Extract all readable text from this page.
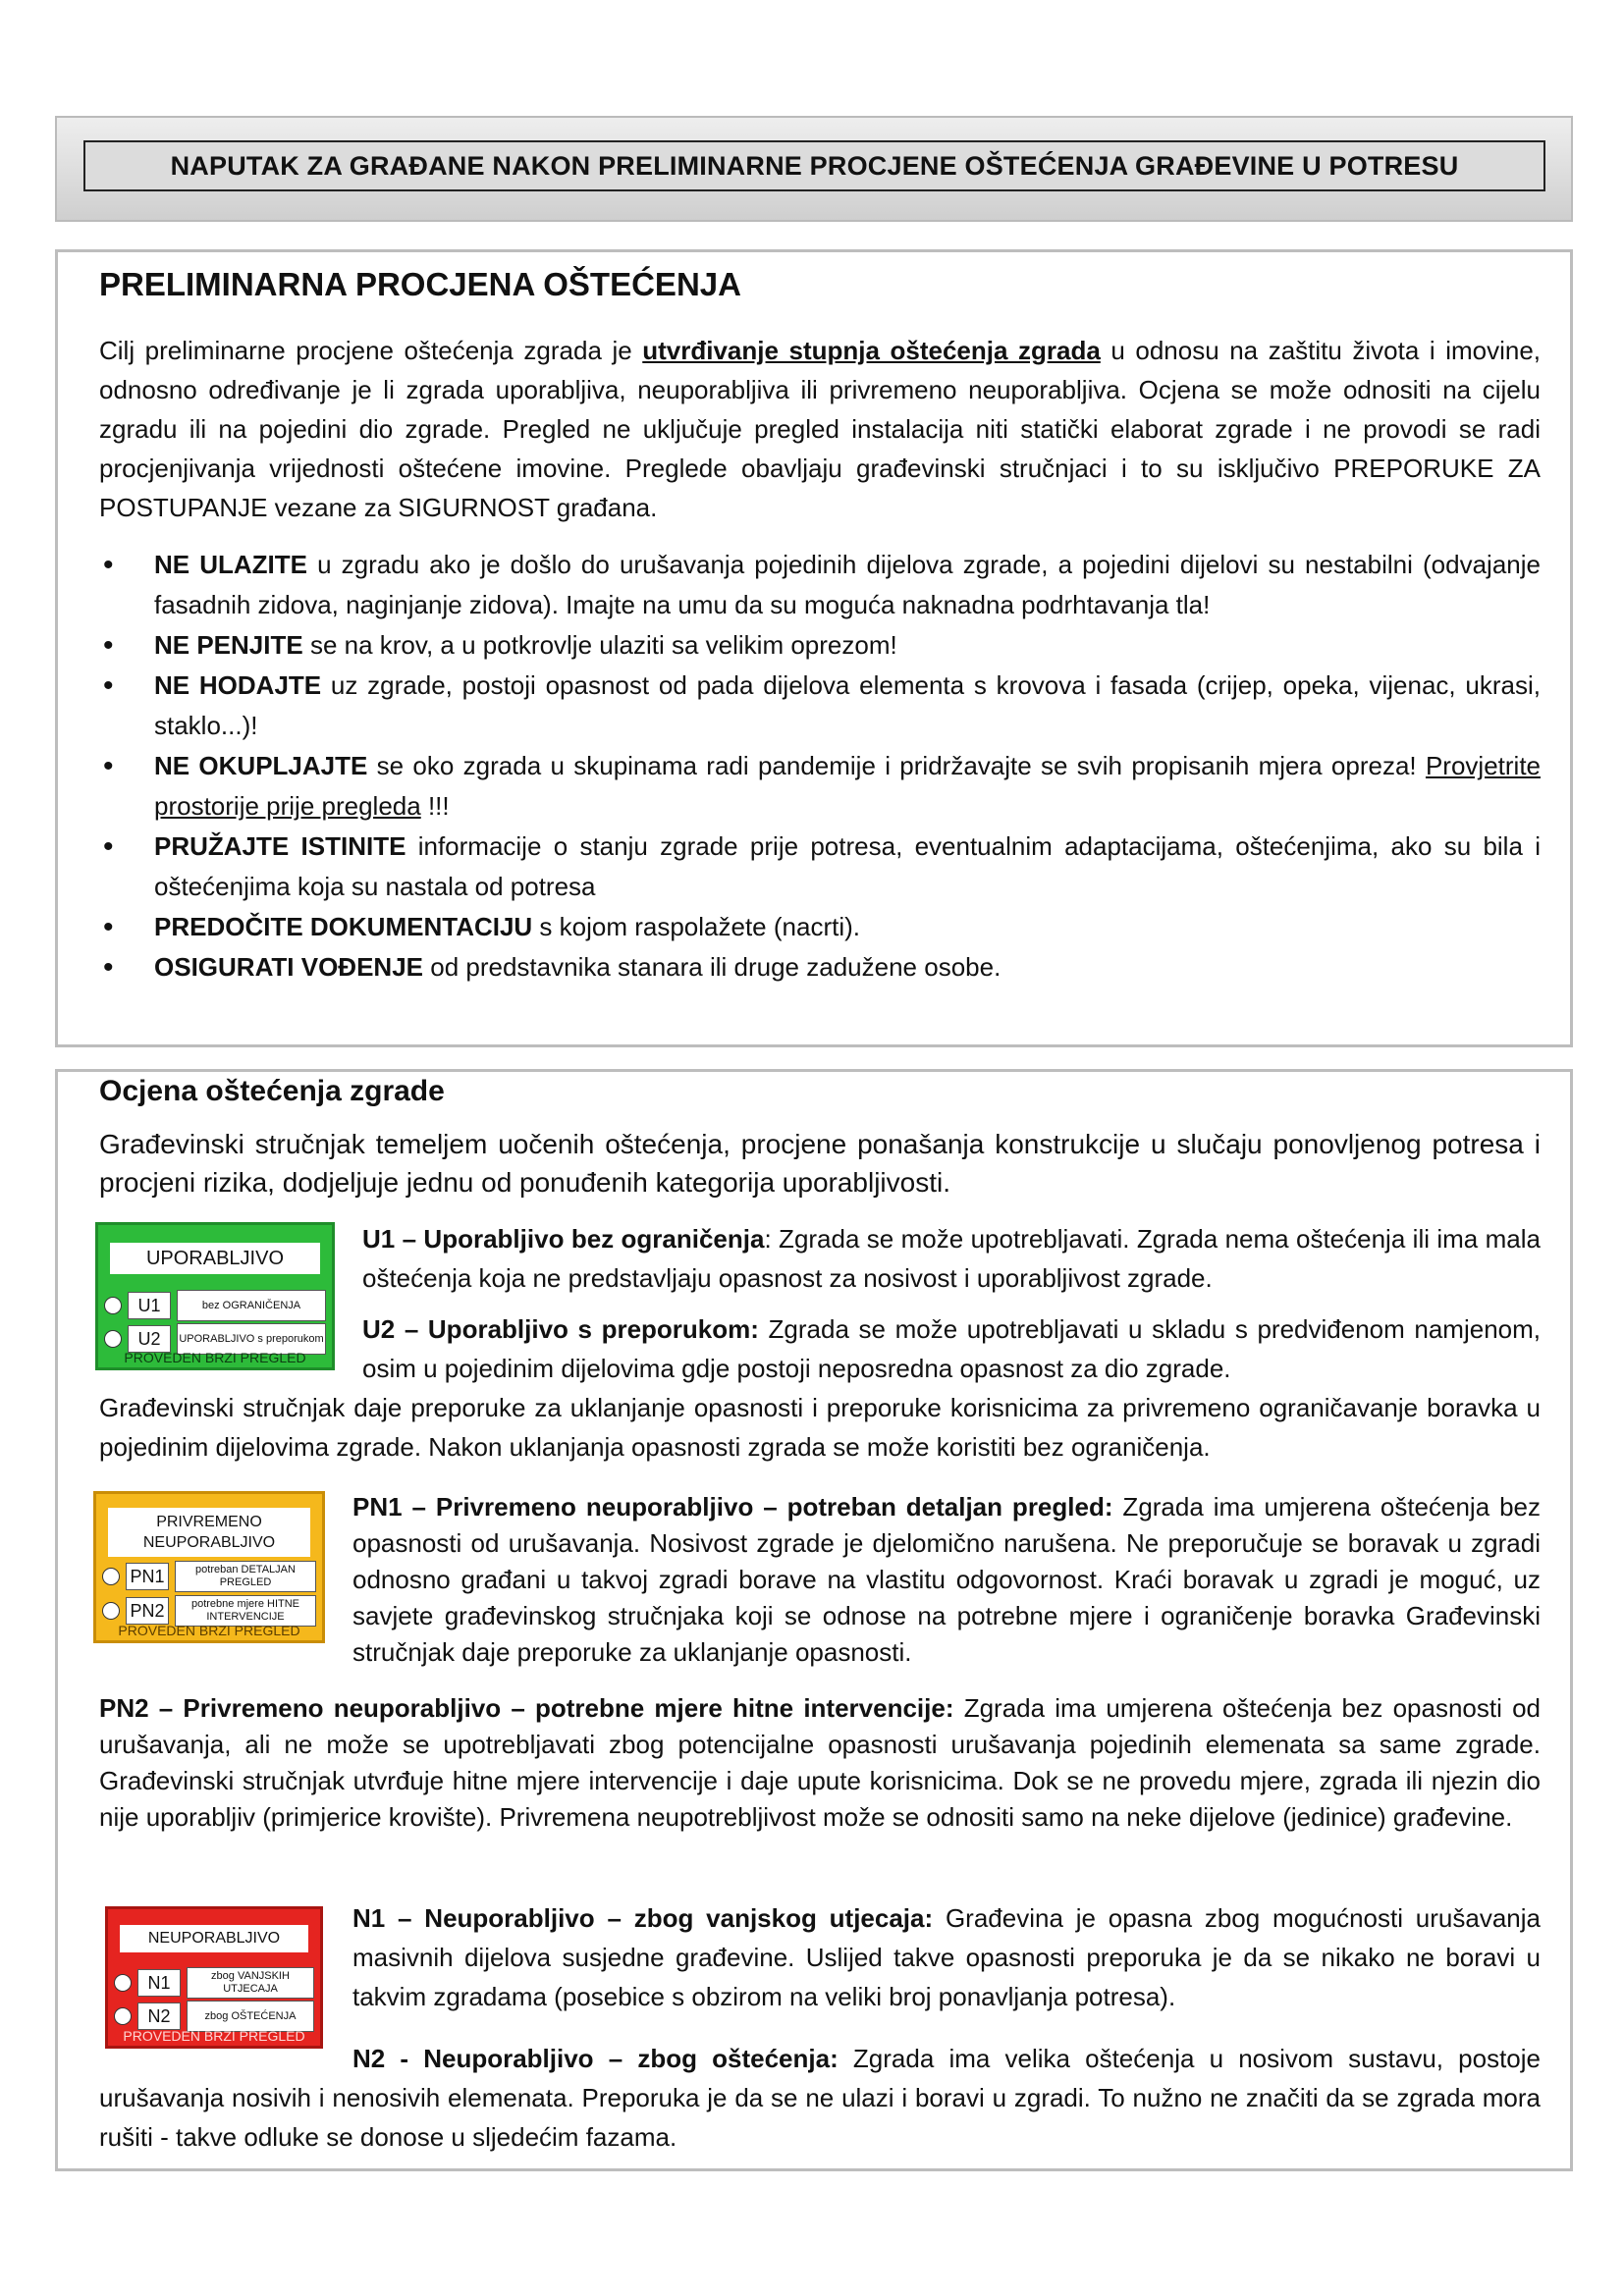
NAPUTAK ZA GRAĐANE NAKON PRELIMINARNE PROCJENE OŠTEĆENJA GRAĐEVINE U POTRESU
PRELIMINARNA PROCJENA OŠTEĆENJA

Cilj preliminarne procjene oštećenja zgrada je utvrđivanje stupnja oštećenja zgrada u odnosu na zaštitu života i imovine, odnosno određivanje je li zgrada uporabljiva, neuporabljiva ili privremeno neuporabljiva. Ocjena se može odnositi na cijelu zgradu ili na pojedini dio zgrade. Pregled ne uključuje pregled instalacija niti statički elaborat zgrade i ne provodi se radi procjenjivanja vrijednosti oštećene imovine. Preglede obavljaju građevinski stručnjaci i to su isključivo PREPORUKE ZA POSTUPANJE vezane za SIGURNOST građana.

• NE ULAZITE u zgradu ako je došlo do urušavanja pojedinih dijelova zgrade, a pojedini dijelovi su nestabilni (odvajanje fasadnih zidova, naginjanje zidova). Imajte na umu da su moguća naknadna podrhtavanja tla!
• NE PENJITE se na krov, a u potkrovlje ulaziti sa velikim oprezom!
• NE HODAJTE uz zgrade, postoji opasnost od pada dijelova elementa s krovova i fasada (crijep, opeka, vijenac, ukrasi, staklo...)!
• NE OKUPLJAJTE se oko zgrada u skupinama radi pandemije i pridržavajte se svih propisanih mjera opreza! Provjetrite prostorije prije pregleda !!!
• PRUŽAJTE ISTINITE informacije o stanju zgrade prije potresa, eventualnim adaptacijama, oštećenjima, ako su bila i oštećenjima koja su nastala od potresa
• PREDOČITE DOKUMENTACIJU s kojom raspolažete (nacrti).
• OSIGURATI VOĐENJE od predstavnika stanara ili druge zadužene osobe.
Ocjena oštećenja zgrade

Građevinski stručnjak temeljem uočenih oštećenja, procjene ponašanja konstrukcije u slučaju ponovljenog potresa i procjeni rizika, dodjeljuje jednu od ponuđenih kategorija uporabljivosti.

UPORABLJIVO
U1	bez OGRANIČENJA
U2	UPORABLJIVO s preporukom
PROVEDEN BRZI PREGLED

U1 – Uporabljivo bez ograničenja: Zgrada se može upotrebljavati. Zgrada nema oštećenja ili ima mala oštećenja koja ne predstavljaju opasnost za nosivost i uporabljivost zgrade.

U2 – Uporabljivo s preporukom: Zgrada se može upotrebljavati u skladu s predviđenom namjenom, osim u pojedinim dijelovima gdje postoji neposredna opasnost za dio zgrade.

Građevinski stručnjak daje preporuke za uklanjanje opasnosti i preporuke korisnicima za privremeno ograničavanje boravka u pojedinim dijelovima zgrade. Nakon uklanjanja opasnosti zgrada se može koristiti bez ograničenja.

PRIVREMENO NEUPORABLJIVO
PN1	potreban DETALJAN PREGLED
PN2	potrebne mjere HITNE INTERVENCIJE
PROVEDEN BRZI PREGLED

PN1 – Privremeno neuporabljivo – potreban detaljan pregled: Zgrada ima umjerena oštećenja bez opasnosti od urušavanja. Nosivost zgrade je djelomično narušena. Ne preporučuje se boravak u zgradi odnosno građani u takvoj zgradi borave na vlastitu odgovornost. Kraći boravak u zgradi je moguć, uz savjete građevinskog stručnjaka koji se odnose na potrebne mjere i ograničenje boravka Građevinski stručnjak daje preporuke za uklanjanje opasnosti.

PN2 – Privremeno neuporabljivo – potrebne mjere hitne intervencije: Zgrada ima umjerena oštećenja bez opasnosti od urušavanja, ali ne može se upotrebljavati zbog potencijalne opasnosti urušavanja pojedinih elemenata sa same zgrade. Građevinski stručnjak utvrđuje hitne mjere intervencije i daje upute korisnicima. Dok se ne provedu mjere, zgrada ili njezin dio nije uporabljiv (primjerice krovište). Privremena neupotrebljivost može se odnositi samo na neke dijelove (jedinice) građevine.

NEUPORABLJIVO
N1	zbog VANJSKIH UTJECAJA
N2	zbog OŠTEĆENJA
PROVEDEN BRZI PREGLED

N1 – Neuporabljivo – zbog vanjskog utjecaja: Građevina je opasna zbog mogućnosti urušavanja masivnih dijelova susjedne građevine. Uslijed takve opasnosti preporuka je da se nikako ne boravi u takvim zgradama (posebice s obzirom na veliki broj ponavljanja potresa).

N2 - Neuporabljivo – zbog oštećenja: Zgrada ima velika oštećenja u nosivom sustavu, postoje urušavanja nosivih i nenosivih elemenata. Preporuka je da se ne ulazi i boravi u zgradi. To nužno ne značiti da se zgrada mora rušiti - takve odluke se donose u sljedećim fazama.
